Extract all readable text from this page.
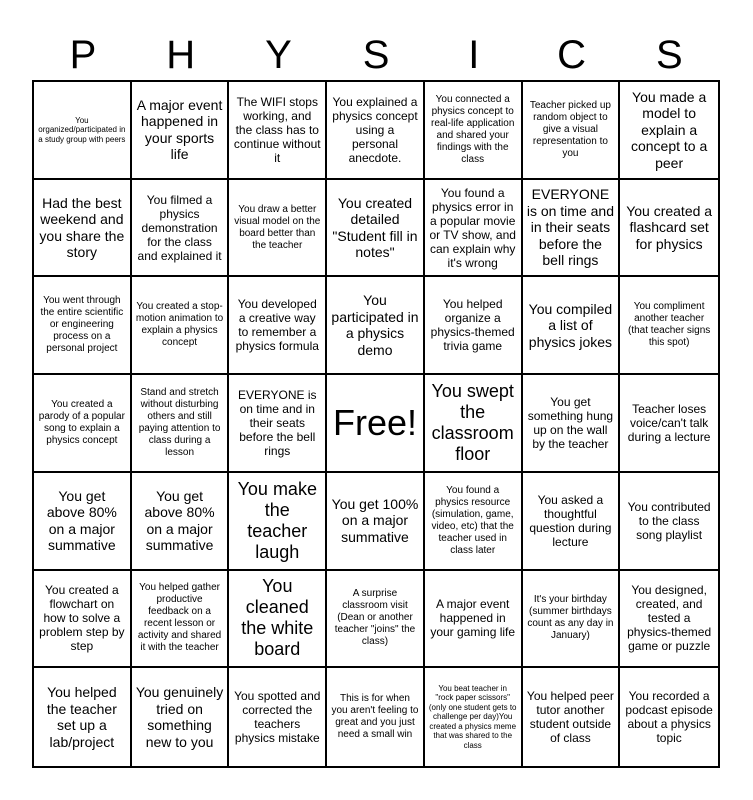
P	H	Y	S	I	C	S
You organized/participated in a study group with peers
A major event happened in your sports life
The WIFI stops working, and the class has to continue without it
You explained a physics concept using a personal anecdote.
You connected a physics concept to real-life application and shared your findings with the class
Teacher picked up random object to give a visual representation to you
You made a model to explain a concept to a peer
Had the best weekend and you share the story
You filmed a physics demonstration for the class and explained it
You draw a better visual model on the board better than the teacher
You created detailed "Student fill in notes"
You found a physics error in a popular movie or TV show, and can explain why it's wrong
EVERYONE is on time and in their seats before the bell rings
You created a flashcard set for physics
You went through the entire scientific or engineering process on a personal project
You created a stop-motion animation to explain a physics concept
You developed a creative way to remember a physics formula
You participated in a physics demo
You helped organize a physics-themed trivia game
You compiled a list of physics jokes
You compliment another teacher (that teacher signs this spot)
You created a parody of a popular song to explain a physics concept
Stand and stretch without disturbing others and still paying attention to class during a lesson
EVERYONE is on time and in their seats before the bell rings
Free!
You swept the classroom floor
You get something hung up on the wall by the teacher
Teacher loses voice/can't talk during a lecture
You get above 80% on a major summative
You get above 80% on a major summative
You make the teacher laugh
You get 100% on a major summative
You found a physics resource (simulation, game, video, etc) that the teacher used in class later
You asked a thoughtful question during lecture
You contributed to the class song playlist
You created a flowchart on how to solve a problem step by step
You helped gather productive feedback on a recent lesson or activity and shared it with the teacher
You cleaned the white board
A surprise classroom visit (Dean or another teacher "joins" the class)
A major event happened in your gaming life
It's your birthday (summer birthdays count as any day in January)
You designed, created, and tested a physics-themed game or puzzle
You helped the teacher set up a lab/project
You genuinely tried on something new to you
You spotted and corrected the teachers physics mistake
This is for when you aren't feeling to great and you just need a small win
You beat teacher in "rock paper scissors" (only one student gets to challenge per day)You created a physics meme that was shared to the class
You helped peer tutor another student outside of class
You recorded a podcast episode about a physics topic
